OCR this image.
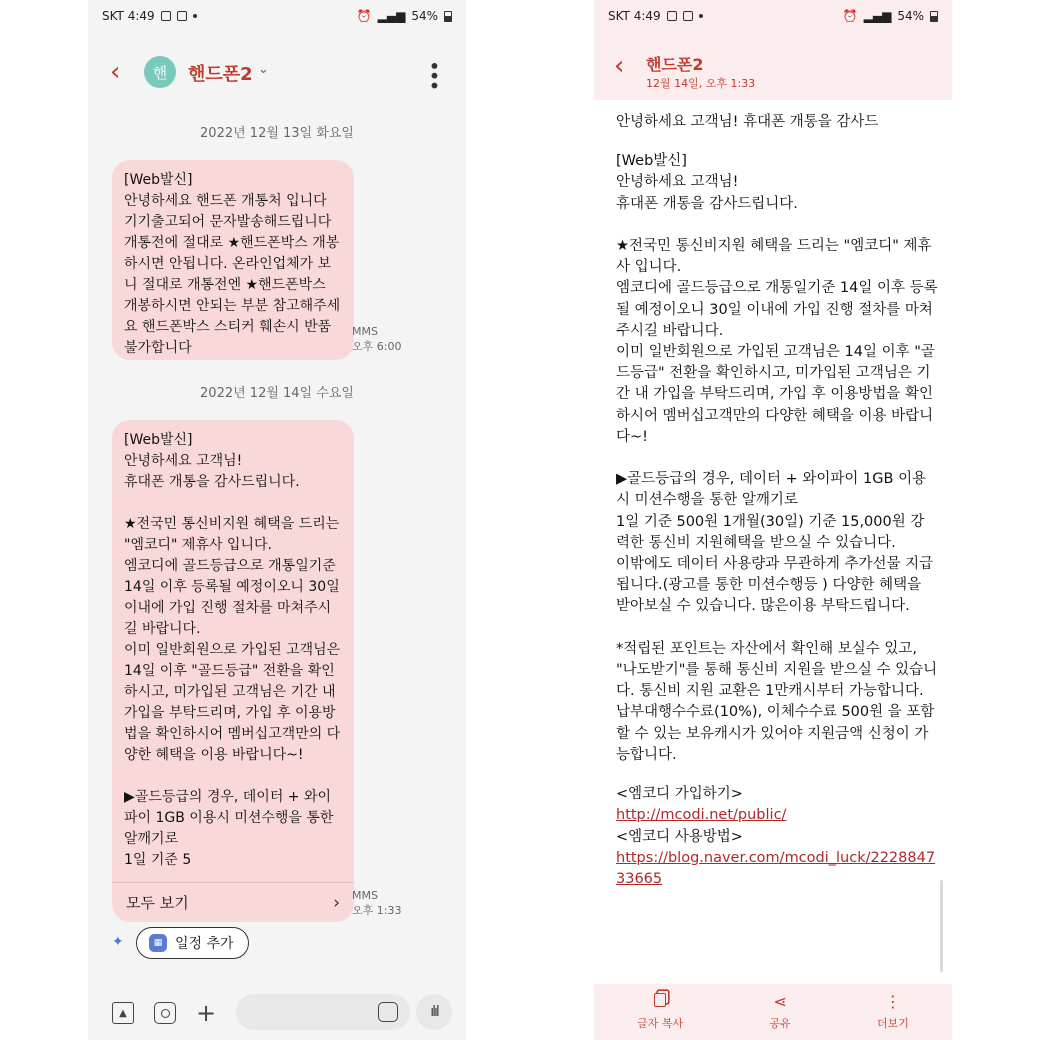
SKT 4:49	⏰ ▂▄▆ 54%
‹	핸	핸드폰2 ⌄	•••
2022년 12월 13일 화요일
[Web발신]
안녕하세요 핸드폰 개통처 입니다 기기출고되어 문자발송해드립니다 개통전에 절대로 ★핸드폰박스 개봉하시면 안됩니다. 온라인업체가 보니 절대로 개통전엔 ★핸드폰박스 개봉하시면 안되는 부분 참고해주세요 핸드폰박스 스티커 훼손시 반품불가합니다
MMS
오후 6:00
2022년 12월 14일 수요일
[Web발신]
안녕하세요 고객님!
휴대폰 개통을 감사드립니다.

★전국민 통신비지원 혜택을 드리는 "엠코디" 제휴사 입니다.
엠코디에 골드등급으로 개통일기준 14일 이후 등록될 예정이오니 30일 이내에 가입 진행 절차를 마쳐주시길 바랍니다.
이미 일반회원으로 가입된 고객님은 14일 이후 "골드등급" 전환을 확인하시고, 미가입된 고객님은 기간 내 가입을 부탁드리며, 가입 후 이용방법을 확인하시어 멤버십고객만의 다양한 혜택을 이용 바랍니다~!

▶골드등급의 경우, 데이터 + 와이파이 1GB 이용시 미션수행을 통한 알깨기로
1일 기준 5
모두 보기	› MMS
오후 1:33
✦	▦ 일정 추가
▲	+	ılıl
SKT 4:49	⏰ ▂▄▆ 54%
‹ 핸드폰2
12월 14일, 오후 1:33
안녕하세요 고객님! 휴대폰 개통을 감사드
[Web발신]
안녕하세요 고객님!
휴대폰 개통을 감사드립니다.

★전국민 통신비지원 혜택을 드리는 "엠코디" 제휴사 입니다.
엠코디에 골드등급으로 개통일기준 14일 이후 등록될 예정이오니 30일 이내에 가입 진행 절차를 마쳐주시길 바랍니다.
이미 일반회원으로 가입된 고객님은 14일 이후 "골드등급" 전환을 확인하시고, 미가입된 고객님은 기간 내 가입을 부탁드리며, 가입 후 이용방법을 확인하시어 멤버십고객만의 다양한 혜택을 이용 바랍니다~!

▶골드등급의 경우, 데이터 + 와이파이 1GB 이용시 미션수행을 통한 알깨기로
1일 기준 500원 1개월(30일) 기준 15,000원 강력한 통신비 지원혜택을 받으실 수 있습니다.
이밖에도 데이터 사용량과 무관하게 추가선물 지급됩니다.(광고를 통한 미션수행등 ) 다양한 혜택을 받아보실 수 있습니다. 많은이용 부탁드립니다.

*적립된 포인트는 자산에서 확인해 보실수 있고, "나도받기"를 통해 통신비 지원을 받으실 수 있습니다. 통신비 지원 교환은 1만캐시부터 가능합니다. 납부대행수수료(10%), 이체수수료 500원 을 포함할 수 있는 보유캐시가 있어야 지원금액 신청이 가능합니다.
<엠코디 가입하기>
http://mcodi.net/public/
<엠코디 사용방법>
https://blog.naver.com/mcodi_luck/222884733665
글자 복사
⋖
공유
⋮
더보기
